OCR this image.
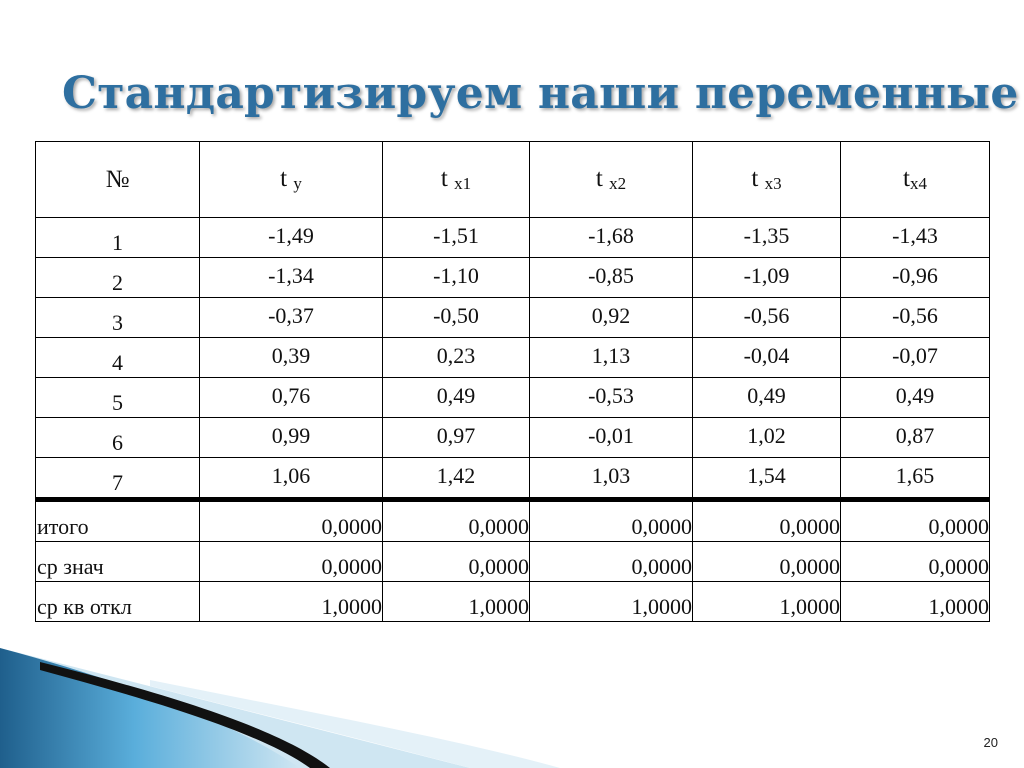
Стандартизируем наши переменные
№	t $_y$	t $_{x1}$	t $_{x2}$	t $_{x3}$	$t_{x4}$
1	-1,49	-1,51	-1,68	-1,35	-1,43
2	-1,34	-1,10	-0,85	-1,09	-0,96
3	-0,37	-0,50	0,92	-0,56	-0,56
4	0,39	0,23	1,13	-0,04	-0,07
5	0,76	0,49	-0,53	0,49	0,49
6	0,99	0,97	-0,01	1,02	0,87
7	1,06	1,42	1,03	1,54	1,65
итого	0,0000	0,0000	0,0000	0,0000	0,0000
ср знач	0,0000	0,0000	0,0000	0,0000	0,0000
ср кв откл	1,0000	1,0000	1,0000	1,0000	1,0000
20
